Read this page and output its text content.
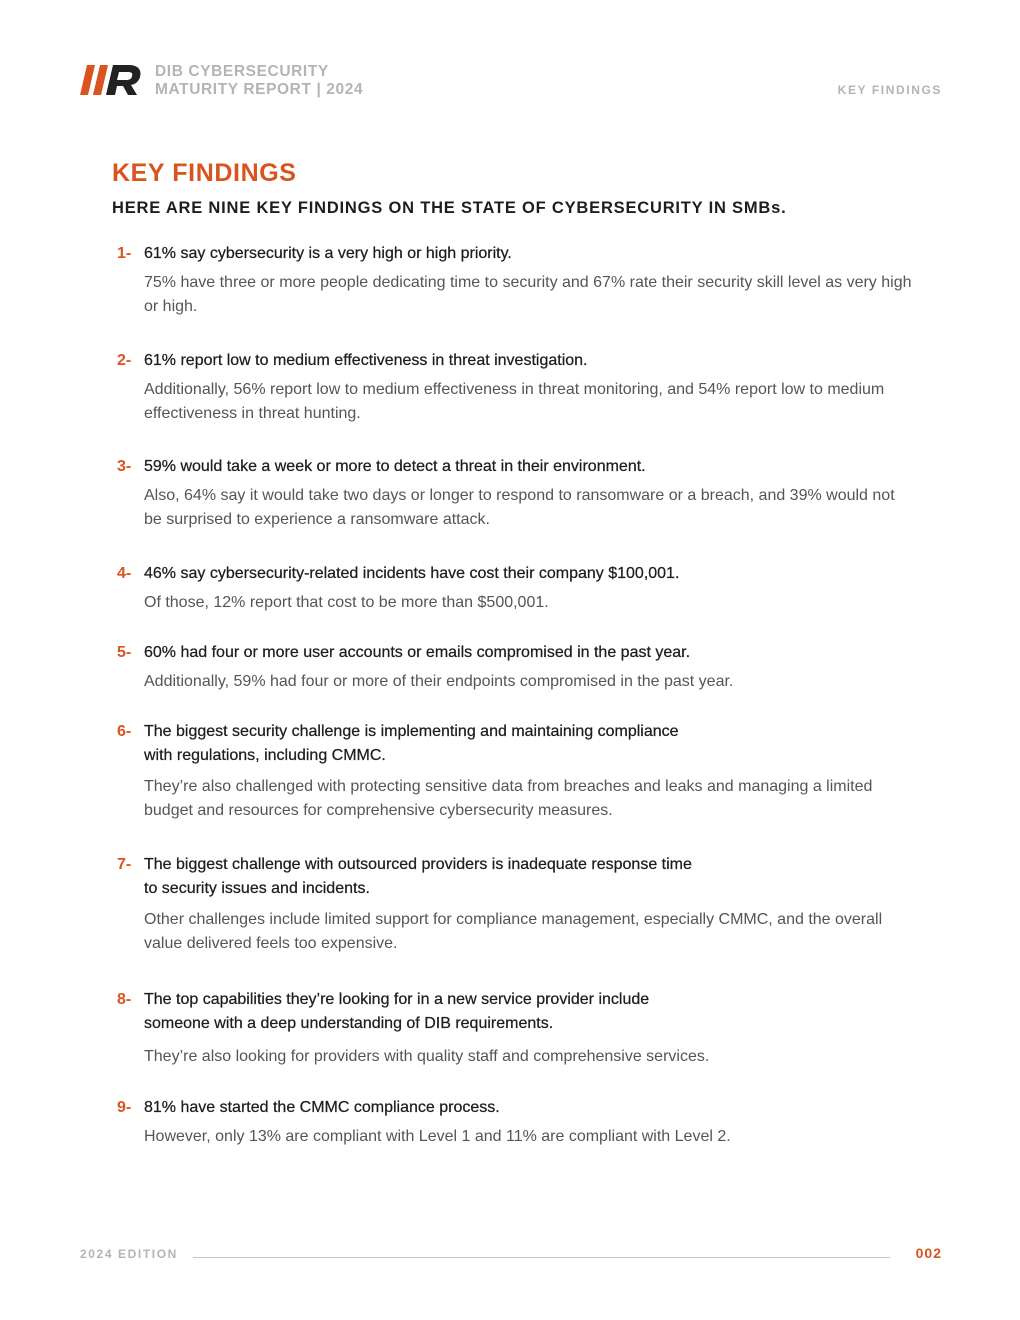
DIB CYBERSECURITY
MATURITY REPORT | 2024	KEY FINDINGS
KEY FINDINGS
HERE ARE NINE KEY FINDINGS ON THE STATE OF CYBERSECURITY IN SMBs.
1- 61% say cybersecurity is a very high or high priority.
75% have three or more people dedicating time to security and 67% rate their security skill level as very high or high.
2- 61% report low to medium effectiveness in threat investigation.
Additionally, 56% report low to medium effectiveness in threat monitoring, and 54% report low to medium effectiveness in threat hunting.
3- 59% would take a week or more to detect a threat in their environment.
Also, 64% say it would take two days or longer to respond to ransomware or a breach, and 39% would not be surprised to experience a ransomware attack.
4- 46% say cybersecurity-related incidents have cost their company $100,001.
Of those, 12% report that cost to be more than $500,001.
5- 60% had four or more user accounts or emails compromised in the past year.
Additionally, 59% had four or more of their endpoints compromised in the past year.
6- The biggest security challenge is implementing and maintaining compliance
with regulations, including CMMC.
They’re also challenged with protecting sensitive data from breaches and leaks and managing a limited budget and resources for comprehensive cybersecurity measures.
7- The biggest challenge with outsourced providers is inadequate response time
to security issues and incidents.
Other challenges include limited support for compliance management, especially CMMC, and the overall value delivered feels too expensive.
8- The top capabilities they’re looking for in a new service provider include
someone with a deep understanding of DIB requirements.
They’re also looking for providers with quality staff and comprehensive services.
9- 81% have started the CMMC compliance process.
However, only 13% are compliant with Level 1 and 11% are compliant with Level 2.
2024 EDITION	002
